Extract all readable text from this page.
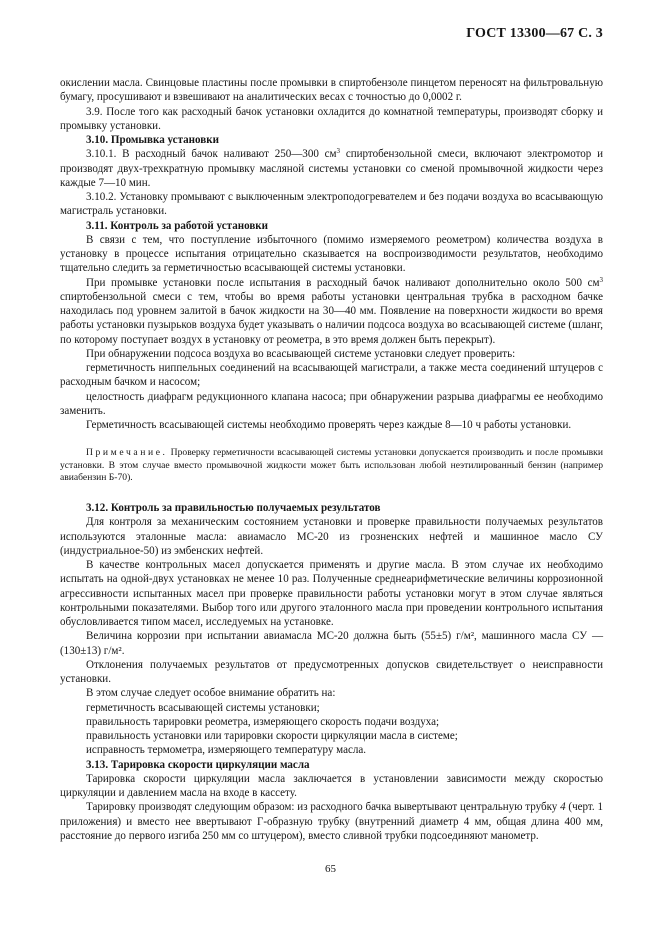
ГОСТ 13300—67 С. 3

окислении масла. Свинцовые пластины после промывки в спиртобензоле пинцетом переносят на фильтровальную бумагу, просушивают и взвешивают на аналитических весах с точностью до 0,0002 г.

3.9. После того как расходный бачок установки охладится до комнатной температуры, производят сборку и промывку установки.

3.10. Промывка установки

3.10.1. В расходный бачок наливают 250—300 $см^3$ спиртобензольной смеси, включают электромотор и производят двух-трехкратную промывку масляной системы установки со сменой промывочной жидкости через каждые 7—10 мин.

3.10.2. Установку промывают с выключенным электроподогревателем и без подачи воздуха во всасывающую магистраль установки.

3.11. Контроль за работой установки

В связи с тем, что поступление избыточного (помимо измеряемого реометром) количества воздуха в установку в процессе испытания отрицательно сказывается на воспроизводимости результатов, необходимо тщательно следить за герметичностью всасывающей системы установки.

При промывке установки после испытания в расходный бачок наливают дополнительно около 500 $см^3$ спиртобензольной смеси с тем, чтобы во время работы установки центральная трубка в расходном бачке находилась под уровнем залитой в бачок жидкости на 30—40 мм. Появление на поверхности жидкости во время работы установки пузырьков воздуха будет указывать о наличии подсоса воздуха во всасывающей системе (шланг, по которому поступает воздух в установку от реометра, в это время должен быть перекрыт).

При обнаружении подсоса воздуха во всасывающей системе установки следует проверить:

герметичность ниппельных соединений на всасывающей магистрали, а также места соединений штуцеров с расходным бачком и насосом;

целостность диафрагм редукционного клапана насоса; при обнаружении разрыва диафрагмы ее необходимо заменить.

Герметичность всасывающей системы необходимо проверять через каждые 8—10 ч работы установки.

Примечание. Проверку герметичности всасывающей системы установки допускается производить и после промывки установки. В этом случае вместо промывочной жидкости может быть использован любой неэтилированный бензин (например авиабензин Б-70).

3.12. Контроль за правильностью получаемых результатов

Для контроля за механическим состоянием установки и проверке правильности получаемых результатов используются эталонные масла: авиамасло МС-20 из грозненских нефтей и машинное масло СУ (индустриальное-50) из эмбенских нефтей.

В качестве контрольных масел допускается применять и другие масла. В этом случае их необходимо испытать на одной-двух установках не менее 10 раз. Полученные среднеарифметические величины коррозионной агрессивности испытанных масел при проверке правильности работы установки могут в этом случае являться контрольными показателями. Выбор того или другого эталонного масла при проведении контрольного испытания обусловливается типом масел, исследуемых на установке.

Величина коррозии при испытании авиамасла МС-20 должна быть (55±5) г/м², машинного масла СУ — (130±13) г/м².

Отклонения получаемых результатов от предусмотренных допусков свидетельствует о неисправности установки.

В этом случае следует особое внимание обратить на:

герметичность всасывающей системы установки;

правильность тарировки реометра, измеряющего скорость подачи воздуха;

правильность установки или тарировки скорости циркуляции масла в системе;

исправность термометра, измеряющего температуру масла.

3.13. Тарировка скорости циркуляции масла

Тарировка скорости циркуляции масла заключается в установлении зависимости между скоростью циркуляции и давлением масла на входе в кассету.

Тарировку производят следующим образом: из расходного бачка вывертывают центральную трубку 4 (черт. 1 приложения) и вместо нее ввертывают Г-образную трубку (внутренний диаметр 4 мм, общая длина 400 мм, расстояние до первого изгиба 250 мм со штуцером), вместо сливной трубки подсоединяют манометр.

65
